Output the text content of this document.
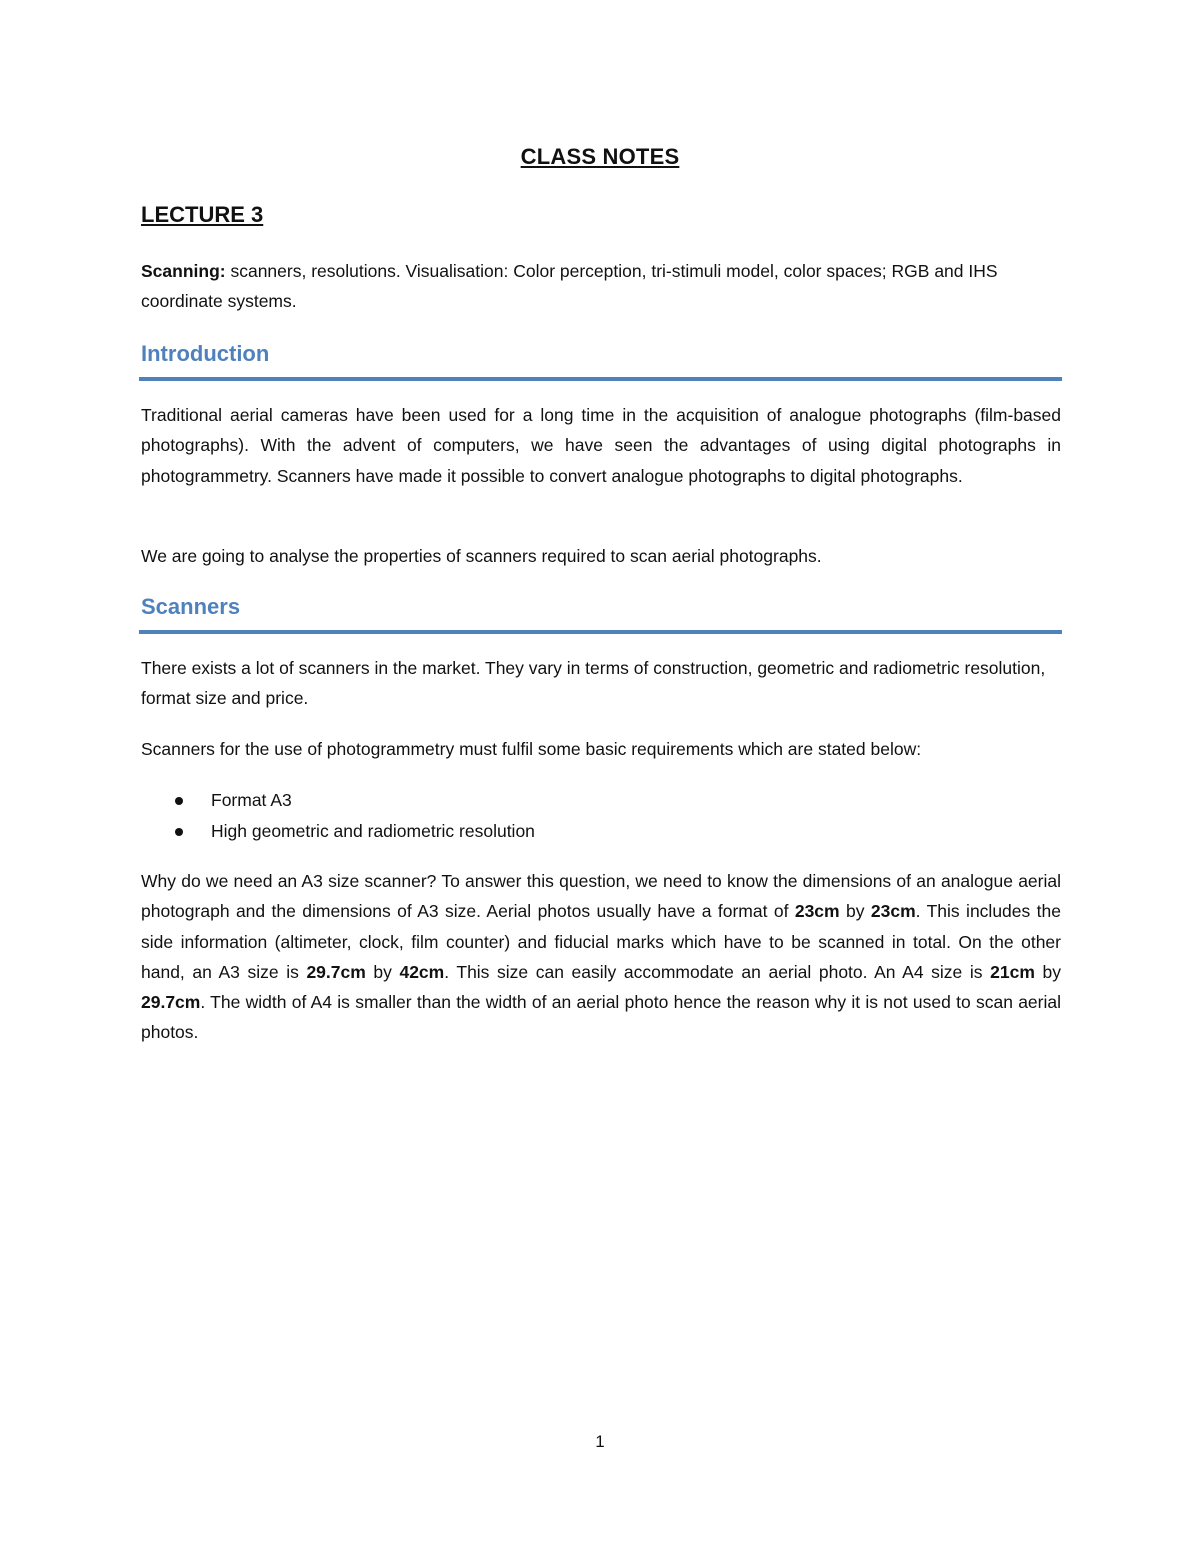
CLASS NOTES
LECTURE 3
Scanning: scanners, resolutions. Visualisation: Color perception, tri-stimuli model, color spaces; RGB and IHS coordinate systems.
Introduction
Traditional aerial cameras have been used for a long time in the acquisition of analogue photographs (film-based photographs). With the advent of computers, we have seen the advantages of using digital photographs in photogrammetry. Scanners have made it possible to convert analogue photographs to digital photographs.
We are going to analyse the properties of scanners required to scan aerial photographs.
Scanners
There exists a lot of scanners in the market. They vary in terms of construction, geometric and radiometric resolution, format size and price.
Scanners for the use of photogrammetry must fulfil some basic requirements which are stated below:
Format A3
High geometric and radiometric resolution
Why do we need an A3 size scanner? To answer this question, we need to know the dimensions of an analogue aerial photograph and the dimensions of A3 size. Aerial photos usually have a format of 23cm by 23cm. This includes the side information (altimeter, clock, film counter) and fiducial marks which have to be scanned in total. On the other hand, an A3 size is 29.7cm by 42cm. This size can easily accommodate an aerial photo. An A4 size is 21cm by 29.7cm. The width of A4 is smaller than the width of an aerial photo hence the reason why it is not used to scan aerial photos.
1
